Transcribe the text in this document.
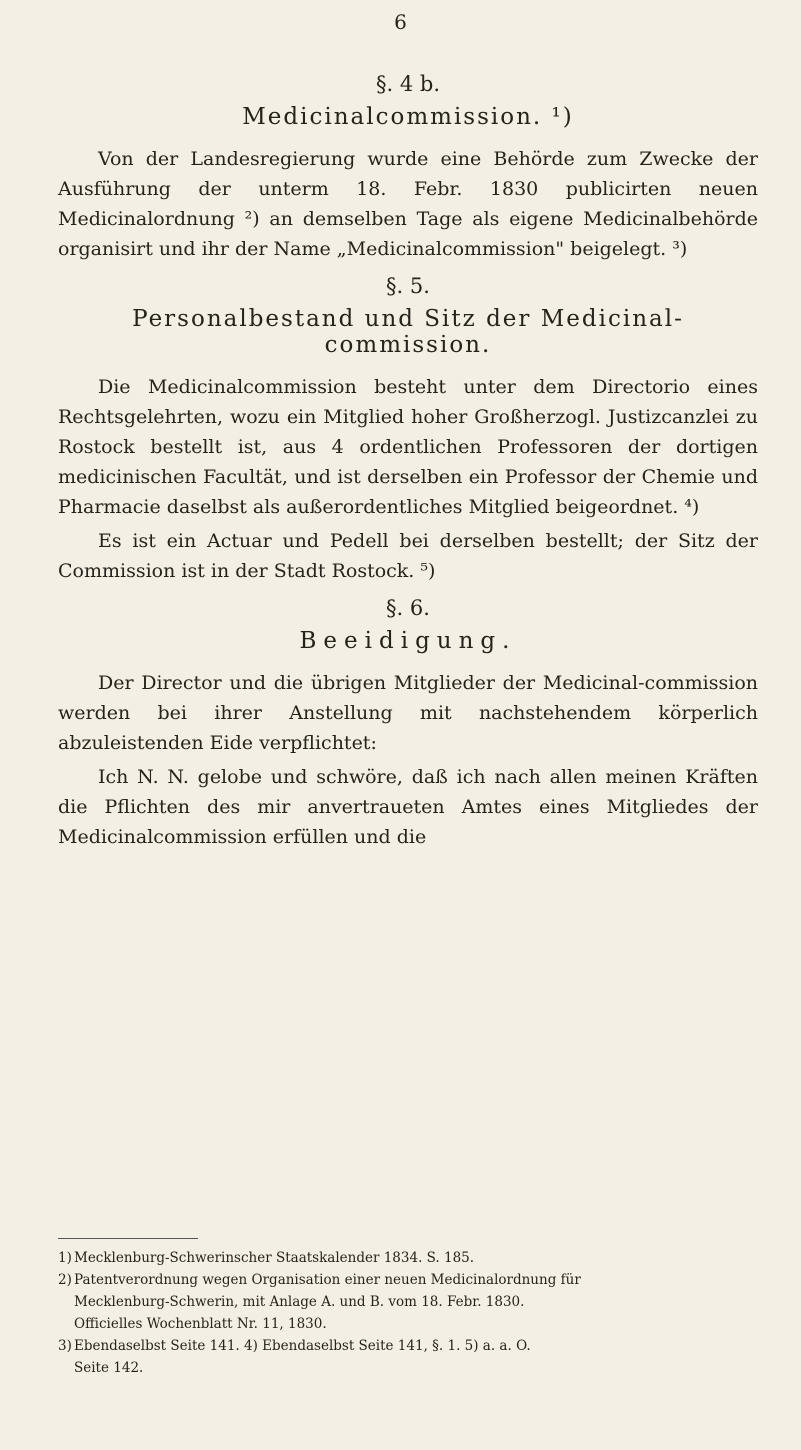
6
§. 4 b.
Medicinalcommission. ¹)

Von der Landesregierung wurde eine Behörde zum Zwecke der Ausführung der unterm 18. Febr. 1830 publicirten neuen Medicinalordnung ²) an demselben Tage als eigene Medicinalbehörde organisirt und ihr der Name „Medicinalcommission" beigelegt. ³)

§. 5.
Personalbestand und Sitz der Medicinal-commission.

Die Medicinalcommission besteht unter dem Directorio eines Rechtsgelehrten, wozu ein Mitglied hoher Großherzogl. Justizcanzlei zu Rostock bestellt ist, aus 4 ordentlichen Professoren der dortigen medicinischen Facultät, und ist derselben ein Professor der Chemie und Pharmacie daselbst als außerordentliches Mitglied beigeordnet. ⁴)

Es ist ein Actuar und Pedell bei derselben bestellt; der Sitz der Commission ist in der Stadt Rostock. ⁵)

§. 6.
Beeidigung.

Der Director und die übrigen Mitglieder der Medicinal-commission werden bei ihrer Anstellung mit nachstehendem körperlich abzuleistenden Eide verpflichtet:

Ich N. N. gelobe und schwöre, daß ich nach allen meinen Kräften die Pflichten des mir anvertraueten Amtes eines Mitgliedes der Medicinalcommission erfüllen und die

1) Mecklenburg-Schwerinscher Staatskalender 1834. S. 185.

2) Patentverordnung wegen Organisation einer neuen Medicinalordnung für

Mecklenburg-Schwerin, mit Anlage A. und B. vom 18. Febr. 1830.

Officielles Wochenblatt Nr. 11, 1830.

3) Ebendaselbst Seite 141. 4) Ebendaselbst Seite 141, §. 1. 5) a. a. O.

Seite 142.
